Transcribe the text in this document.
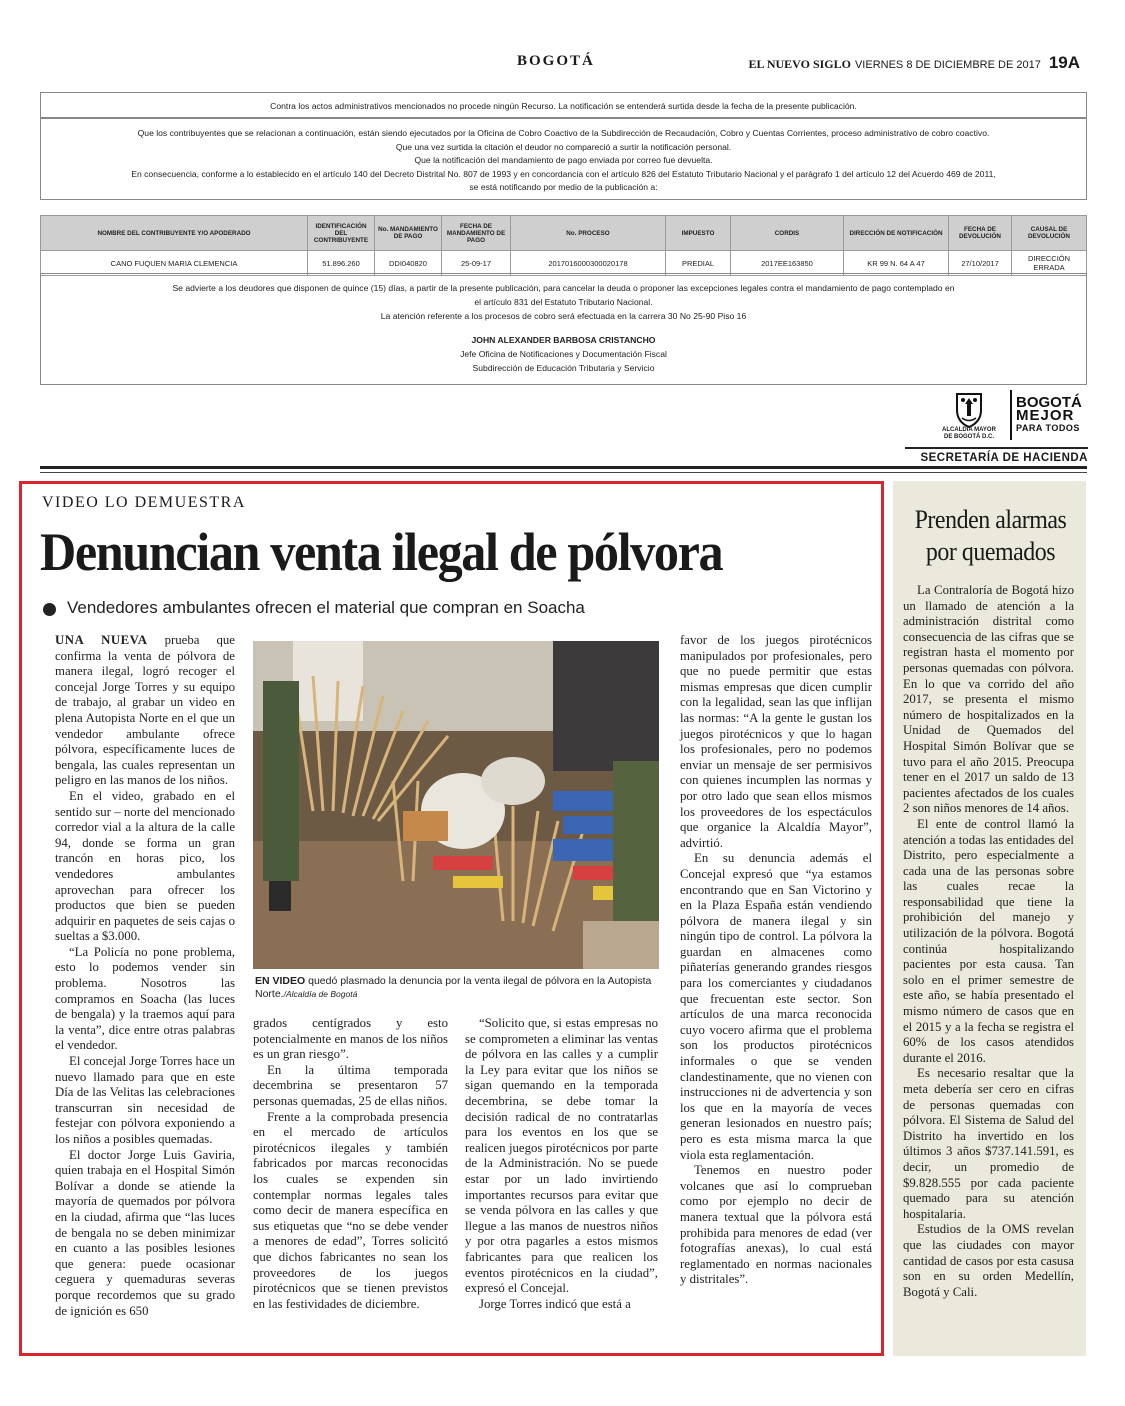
BOGOTÁ	EL NUEVO SIGLO VIERNES 8 DE DICIEMBRE DE 2017 19A
Contra los actos administrativos mencionados no procede ningún Recurso. La notificación se entenderá surtida desde la fecha de la presente publicación.
Que los contribuyentes que se relacionan a continuación, están siendo ejecutados por la Oficina de Cobro Coactivo de la Subdirección de Recaudación, Cobro y Cuentas Corrientes, proceso administrativo de cobro coactivo.
Que una vez surtida la citación el deudor no compareció a surtir la notificación personal.
Que la notificación del mandamiento de pago enviada por correo fue devuelta.
En consecuencia, conforme a lo establecido en el artículo 140 del Decreto Distrital No. 807 de 1993 y en concordancia con el artículo 826 del Estatuto Tributario Nacional y el parágrafo 1 del artículo 12 del Acuerdo 469 de 2011,
se está notificando por medio de la publicación a:
NOMBRE DEL CONTRIBUYENTE Y/O APODERADO	IDENTIFICACIÓN DEL CONTRIBUYENTE	No. MANDAMIENTO DE PAGO	FECHA DE MANDAMIENTO DE PAGO	No. PROCESO	IMPUESTO	CORDIS	DIRECCIÓN DE NOTIFICACIÓN	FECHA DE DEVOLUCIÓN	CAUSAL DE DEVOLUCIÓN
CANO FUQUEN MARIA CLEMENCIA	51.896.260	DDI040820	25-09-17	2017016000300020178	PREDIAL	2017EE163850	KR 99 N. 64 A 47	27/10/2017	DIRECCIÓN ERRADA
Se advierte a los deudores que disponen de quince (15) días, a partir de la presente publicación, para cancelar la deuda o proponer las excepciones legales contra el mandamiento de pago contemplado en
el artículo 831 del Estatuto Tributario Nacional.
La atención referente a los procesos de cobro será efectuada en la carrera 30 No 25-90 Piso 16
JOHN ALEXANDER BARBOSA CRISTANCHO
Jefe Oficina de Notificaciones y Documentación Fiscal
Subdirección de Educación Tributaria y Servicio
ALCALDÍA MAYOR
DE BOGOTÁ D.C.
BOGOTÁ
MEJOR
PARA TODOS
SECRETARÍA DE HACIENDA
VIDEO LO DEMUESTRA
Denuncian venta ilegal de pólvora
Vendedores ambulantes ofrecen el material que compran en Soacha

UNA NUEVA prueba que confirma la venta de pólvora de manera ilegal, logró recoger el concejal Jorge Torres y su equipo de trabajo, al grabar un video en plena Autopista Norte en el que un vendedor ambulante ofrece pólvora, específicamente luces de bengala, las cuales representan un peligro en las manos de los niños.

En el video, grabado en el sentido sur – norte del mencionado corredor vial a la altura de la calle 94, donde se forma un gran trancón en horas pico, los vendedores ambulantes aprovechan para ofrecer los productos que bien se pueden adquirir en paquetes de seis cajas o sueltas a $3.000.

“La Policía no pone problema, esto lo podemos vender sin problema. Nosotros las compramos en Soacha (las luces de bengala) y la traemos aquí para la venta”, dice entre otras palabras el vendedor.

El concejal Jorge Torres hace un nuevo llamado para que en este Día de las Velitas las celebraciones transcurran sin necesidad de festejar con pólvora exponiendo a los niños a posibles quemadas.

El doctor Jorge Luis Gaviria, quien trabaja en el Hospital Simón Bolívar a donde se atiende la mayoría de quemados por pólvora en la ciudad, afirma que “las luces de bengala no se deben minimizar en cuanto a las posibles lesiones que genera: puede ocasionar ceguera y quemaduras severas porque recordemos que su grado de ignición es 650

EN VIDEO quedó plasmado la denuncia por la venta ilegal de pólvora en la Autopista Norte./Alcaldía de Bogotá

grados centígrados y esto potencialmente en manos de los niños es un gran riesgo”.

En la última temporada decembrina se presentaron 57 personas quemadas, 25 de ellas niños.

Frente a la comprobada presencia en el mercado de artículos pirotécnicos ilegales y también fabricados por marcas reconocidas los cuales se expenden sin contemplar normas legales tales como decir de manera específica en sus etiquetas que “no se debe vender a menores de edad”, Torres solicitó que dichos fabricantes no sean los proveedores de los juegos pirotécnicos que se tienen previstos en las festividades de diciembre.

“Solicito que, si estas empresas no se comprometen a eliminar las ventas de pólvora en las calles y a cumplir la Ley para evitar que los niños se sigan quemando en la temporada decembrina, se debe tomar la decisión radical de no contratarlas para los eventos en los que se realicen juegos pirotécnicos por parte de la Administración. No se puede estar por un lado invirtiendo importantes recursos para evitar que se venda pólvora en las calles y que llegue a las manos de nuestros niños y por otra pagarles a estos mismos fabricantes para que realicen los eventos pirotécnicos en la ciudad”, expresó el Concejal.

Jorge Torres indicó que está a

favor de los juegos pirotécnicos manipulados por profesionales, pero que no puede permitir que estas mismas empresas que dicen cumplir con la legalidad, sean las que inflijan las normas: “A la gente le gustan los juegos pirotécnicos y que lo hagan los profesionales, pero no podemos enviar un mensaje de ser permisivos con quienes incumplen las normas y por otro lado que sean ellos mismos los proveedores de los espectáculos que organice la Alcaldía Mayor”, advirtió.

En su denuncia además el Concejal expresó que “ya estamos encontrando que en San Victorino y en la Plaza España están vendiendo pólvora de manera ilegal y sin ningún tipo de control. La pólvora la guardan en almacenes como piñaterías generando grandes riesgos para los comerciantes y ciudadanos que frecuentan este sector. Son artículos de una marca reconocida cuyo vocero afirma que el problema son los productos pirotécnicos informales o que se venden clandestinamente, que no vienen con instrucciones ni de advertencia y son los que en la mayoría de veces generan lesionados en nuestro país; pero es esta misma marca la que viola esta reglamentación.

Tenemos en nuestro poder volcanes que así lo comprueban como por ejemplo no decir de manera textual que la pólvora está prohibida para menores de edad (ver fotografías anexas), lo cual está reglamentado en normas nacionales y distritales”.

Prenden alarmas
por quemados

La Contraloría de Bogotá hizo un llamado de atención a la administración distrital como consecuencia de las cifras que se registran hasta el momento por personas quemadas con pólvora. En lo que va corrido del año 2017, se presenta el mismo número de hospitalizados en la Unidad de Quemados del Hospital Simón Bolívar que se tuvo para el año 2015. Preocupa tener en el 2017 un saldo de 13 pacientes afectados de los cuales 2 son niños menores de 14 años.

El ente de control llamó la atención a todas las entidades del Distrito, pero especialmente a cada una de las personas sobre las cuales recae la responsabilidad que tiene la prohibición del manejo y utilización de la pólvora. Bogotá continúa hospitalizando pacientes por esta causa. Tan solo en el primer semestre de este año, se había presentado el mismo número de casos que en el 2015 y a la fecha se registra el 60% de los casos atendidos durante el 2016.

Es necesario resaltar que la meta debería ser cero en cifras de personas quemadas con pólvora. El Sistema de Salud del Distrito ha invertido en los últimos 3 años $737.141.591, es decir, un promedio de $9.828.555 por cada paciente quemado para su atención hospitalaria.

Estudios de la OMS revelan que las ciudades con mayor cantidad de casos por esta casusa son en su orden Medellín, Bogotá y Cali.
